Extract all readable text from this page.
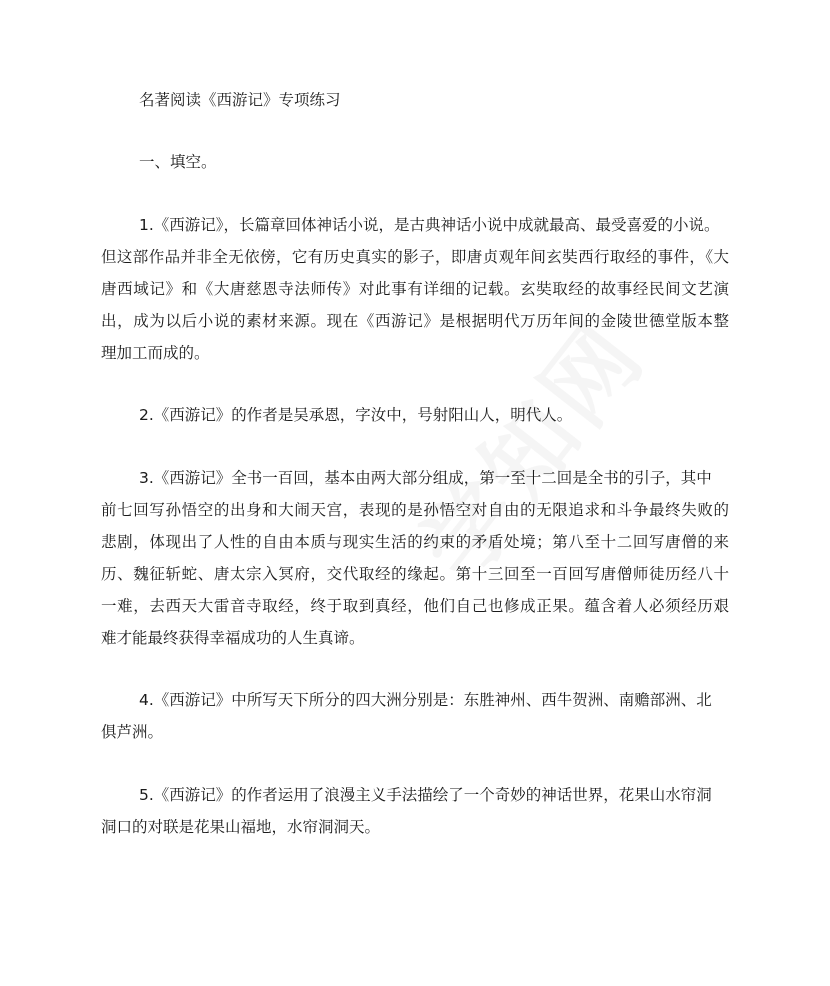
名著阅读《西游记》专项练习
一、填空。
1.《西游记》，长篇章回体神话小说，是古典神话小说中成就最高、最受喜爱的小说。
但这部作品并非全无依傍，它有历史真实的影子，即唐贞观年间玄奘西行取经的事件，《大
唐西域记》和《大唐慈恩寺法师传》对此事有详细的记载。玄奘取经的故事经民间文艺演
出，成为以后小说的素材来源。现在《西游记》是根据明代万历年间的金陵世德堂版本整
理加工而成的。
2.《西游记》的作者是吴承恩，字汝中，号射阳山人，明代人。
3.《西游记》全书一百回，基本由两大部分组成，第一至十二回是全书的引子，其中
前七回写孙悟空的出身和大闹天宫，表现的是孙悟空对自由的无限追求和斗争最终失败的
悲剧，体现出了人性的自由本质与现实生活的约束的矛盾处境；第八至十二回写唐僧的来
历、魏征斩蛇、唐太宗入冥府，交代取经的缘起。第十三回至一百回写唐僧师徒历经八十
一难，去西天大雷音寺取经，终于取到真经，他们自己也修成正果。蕴含着人必须经历艰
难才能最终获得幸福成功的人生真谛。
4.《西游记》中所写天下所分的四大洲分别是：东胜神州、西牛贺洲、南赡部洲、北
俱芦洲。
5.《西游记》的作者运用了浪漫主义手法描绘了一个奇妙的神话世界，花果山水帘洞
洞口的对联是花果山福地，水帘洞洞天。
